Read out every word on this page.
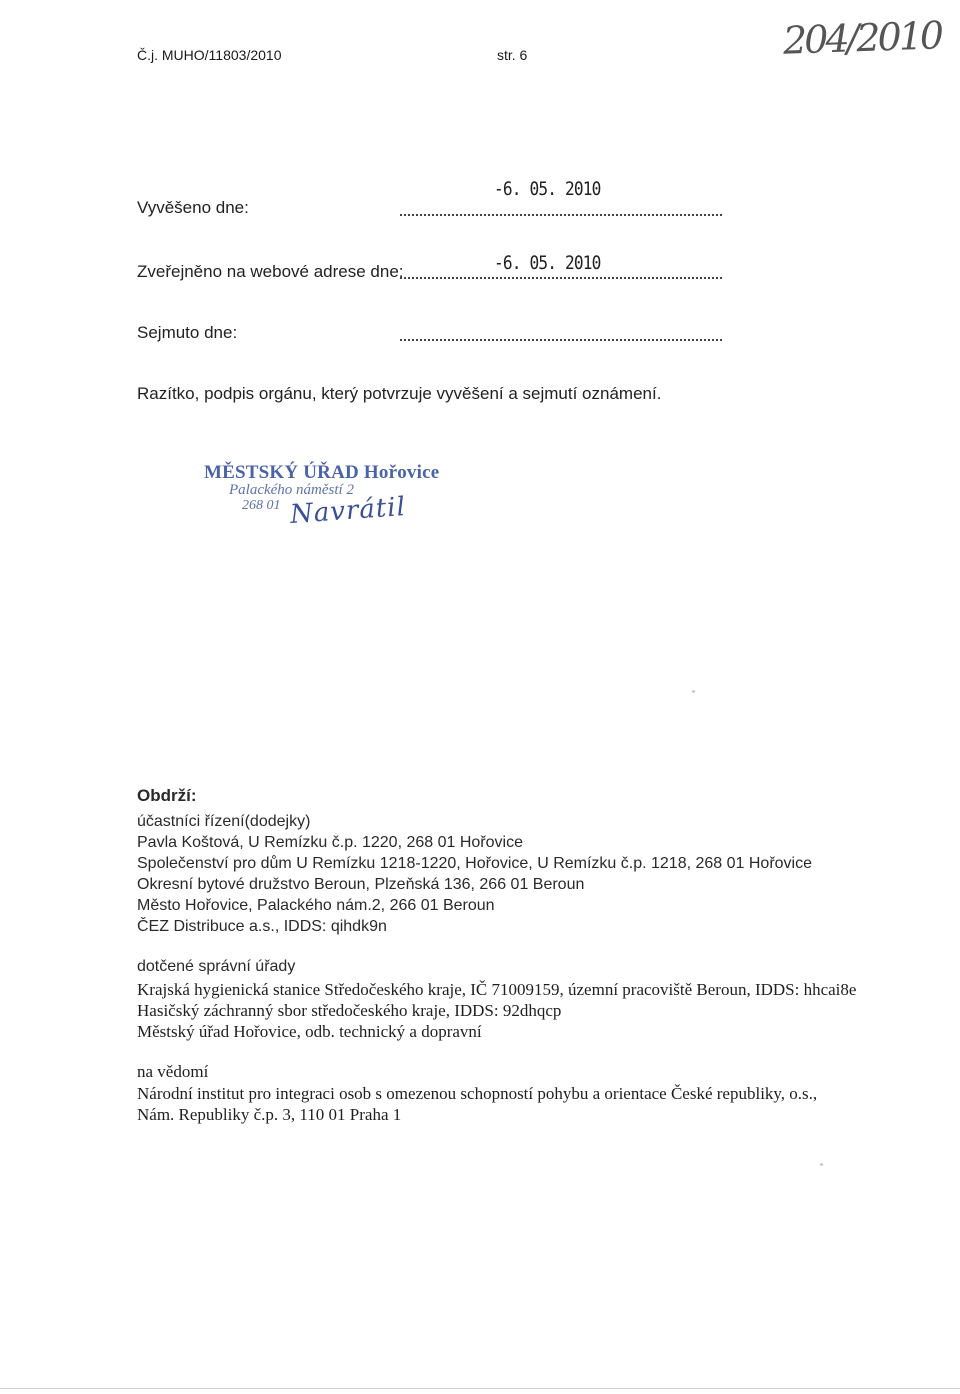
Č.j. MUHO/11803/2010	str. 6	204/2010
Vyvěšeno dne:
-6. 05. 2010
Zveřejněno na webové adrese dne:	-6. 05. 2010
Sejmuto dne:
Razítko, podpis orgánu, který potvrzuje vyvěšení a sejmutí oznámení.
MĚSTSKÝ ÚŘAD Hořovice
Palackého náměstí 2
268 01 Navrátil
Obdrží:
účastníci řízení(dodejky)
Pavla Koštová, U Remízku č.p. 1220, 268 01 Hořovice
Společenství pro dům U Remízku 1218-1220, Hořovice, U Remízku č.p. 1218, 268 01 Hořovice
Okresní bytové družstvo Beroun, Plzeňská 136, 266 01 Beroun
Město Hořovice, Palackého nám.2, 266 01 Beroun
ČEZ Distribuce a.s., IDDS: qihdk9n
dotčené správní úřady
Krajská hygienická stanice Středočeského kraje, IČ 71009159, územní pracoviště Beroun, IDDS: hhcai8e
Hasičský záchranný sbor středočeského kraje, IDDS: 92dhqcp
Městský úřad Hořovice, odb. technický a dopravní
na vědomí
Národní institut pro integraci osob s omezenou schopností pohybu a orientace České republiky, o.s.,
Nám. Republiky č.p. 3, 110 01 Praha 1
